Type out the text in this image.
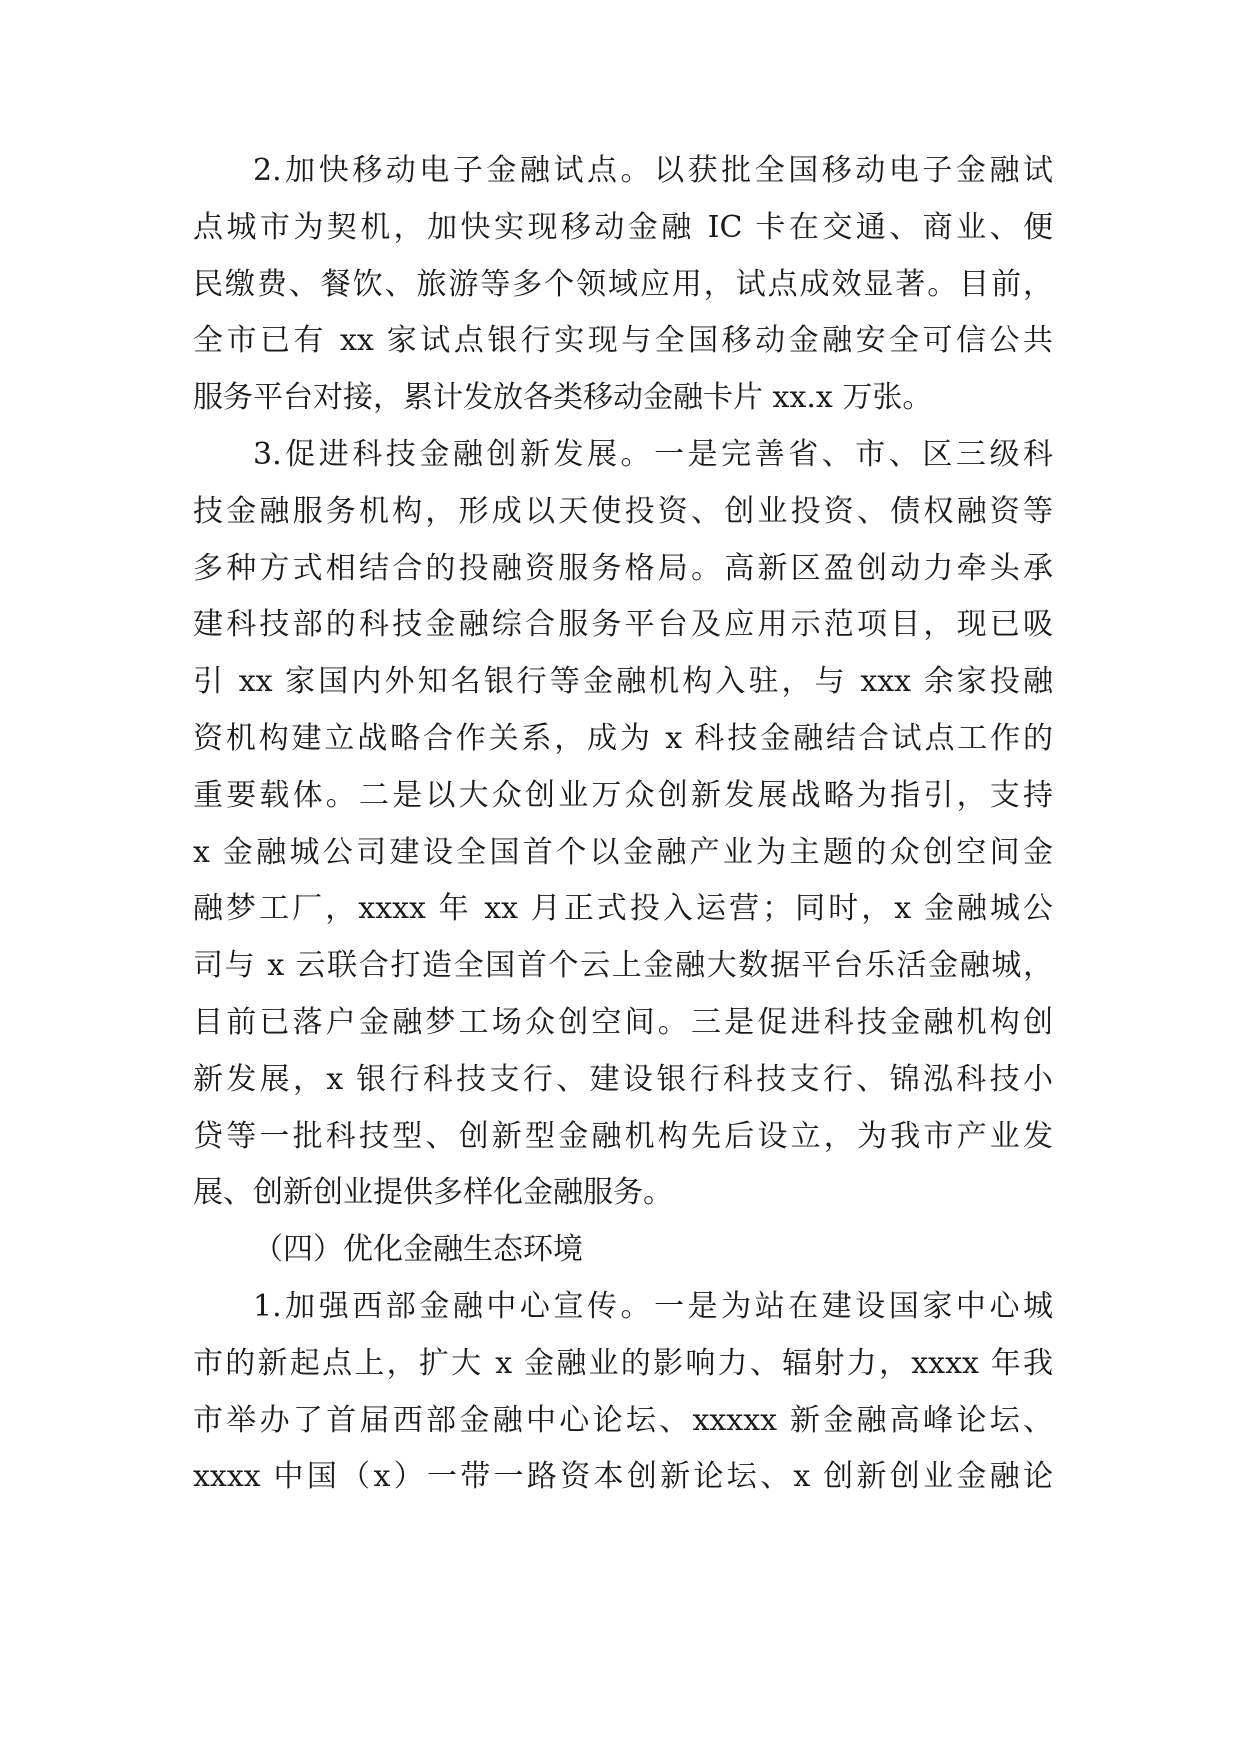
2.加快移动电子金融试点。以获批全国移动电子金融试
点城市为契机，加快实现移动金融 IC 卡在交通、商业、便
民缴费、餐饮、旅游等多个领域应用，试点成效显著。目前，
全市已有 xx 家试点银行实现与全国移动金融安全可信公共
服务平台对接，累计发放各类移动金融卡片 xx.x 万张。
3.促进科技金融创新发展。一是完善省、市、区三级科
技金融服务机构，形成以天使投资、创业投资、债权融资等
多种方式相结合的投融资服务格局。高新区盈创动力牵头承
建科技部的科技金融综合服务平台及应用示范项目，现已吸
引 xx 家国内外知名银行等金融机构入驻，与 xxx 余家投融
资机构建立战略合作关系，成为 x 科技金融结合试点工作的
重要载体。二是以大众创业万众创新发展战略为指引，支持
x 金融城公司建设全国首个以金融产业为主题的众创空间金
融梦工厂，xxxx 年 xx 月正式投入运营；同时，x 金融城公
司与 x 云联合打造全国首个云上金融大数据平台乐活金融城，
目前已落户金融梦工场众创空间。三是促进科技金融机构创
新发展，x 银行科技支行、建设银行科技支行、锦泓科技小
贷等一批科技型、创新型金融机构先后设立，为我市产业发
展、创新创业提供多样化金融服务。
（四）优化金融生态环境
1.加强西部金融中心宣传。一是为站在建设国家中心城
市的新起点上，扩大 x 金融业的影响力、辐射力，xxxx 年我
市举办了首届西部金融中心论坛、xxxxx 新金融高峰论坛、
xxxx 中国（x）一带一路资本创新论坛、x 创新创业金融论
